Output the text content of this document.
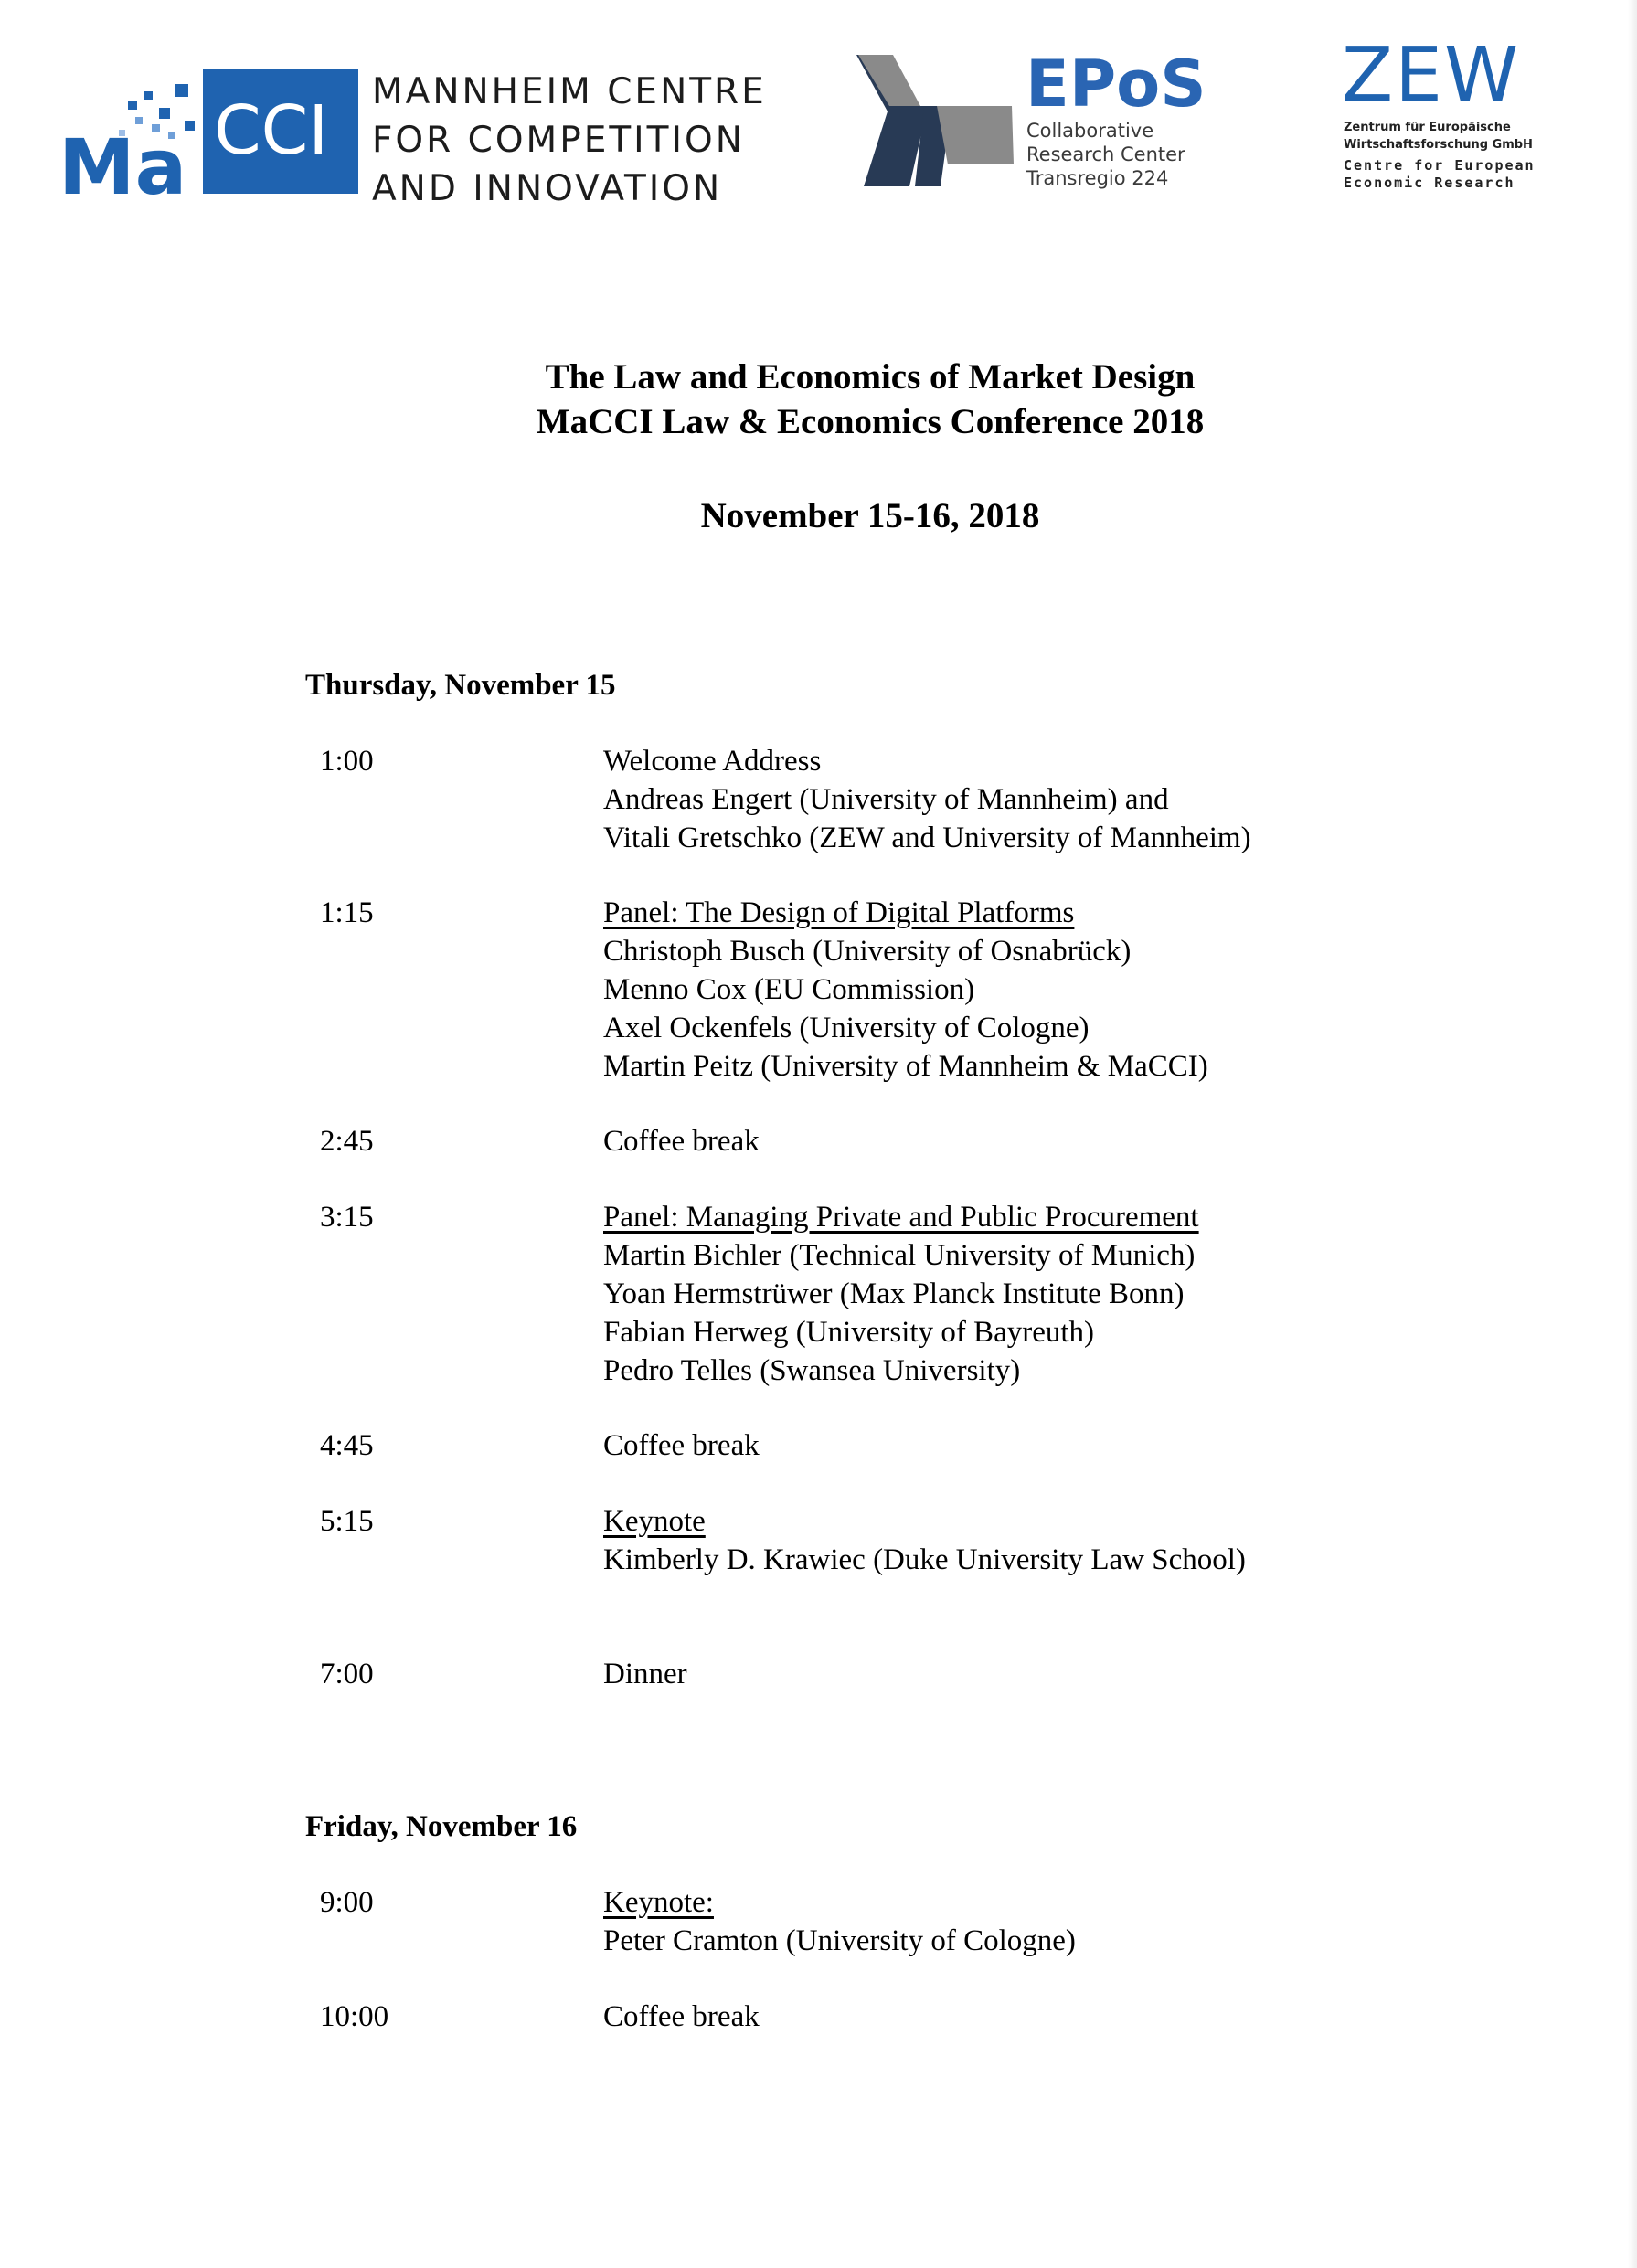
Ma CCI MANNHEIM CENTRE
FOR COMPETITION
AND INNOVATION
EPoS
Collaborative
Research Center
Transregio 224
ZEW
Zentrum für Europäische
Wirtschaftsforschung GmbH
Centre for European
Economic Research
The Law and Economics of Market Design
MaCCI Law & Economics Conference 2018
November 15-16, 2018
Thursday, November 15
1:00	Welcome Address
Andreas Engert (University of Mannheim) and
Vitali Gretschko (ZEW and University of Mannheim)
1:15	Panel: The Design of Digital Platforms
Christoph Busch (University of Osnabrück)
Menno Cox (EU Commission)
Axel Ockenfels (University of Cologne)
Martin Peitz (University of Mannheim & MaCCI)
2:45	Coffee break
3:15	Panel: Managing Private and Public Procurement
Martin Bichler (Technical University of Munich)
Yoan Hermstrüwer (Max Planck Institute Bonn)
Fabian Herweg (University of Bayreuth)
Pedro Telles (Swansea University)
4:45	Coffee break
5:15	Keynote
Kimberly D. Krawiec (Duke University Law School)
7:00	Dinner
Friday, November 16
9:00	Keynote:
Peter Cramton (University of Cologne)
10:00	Coffee break
